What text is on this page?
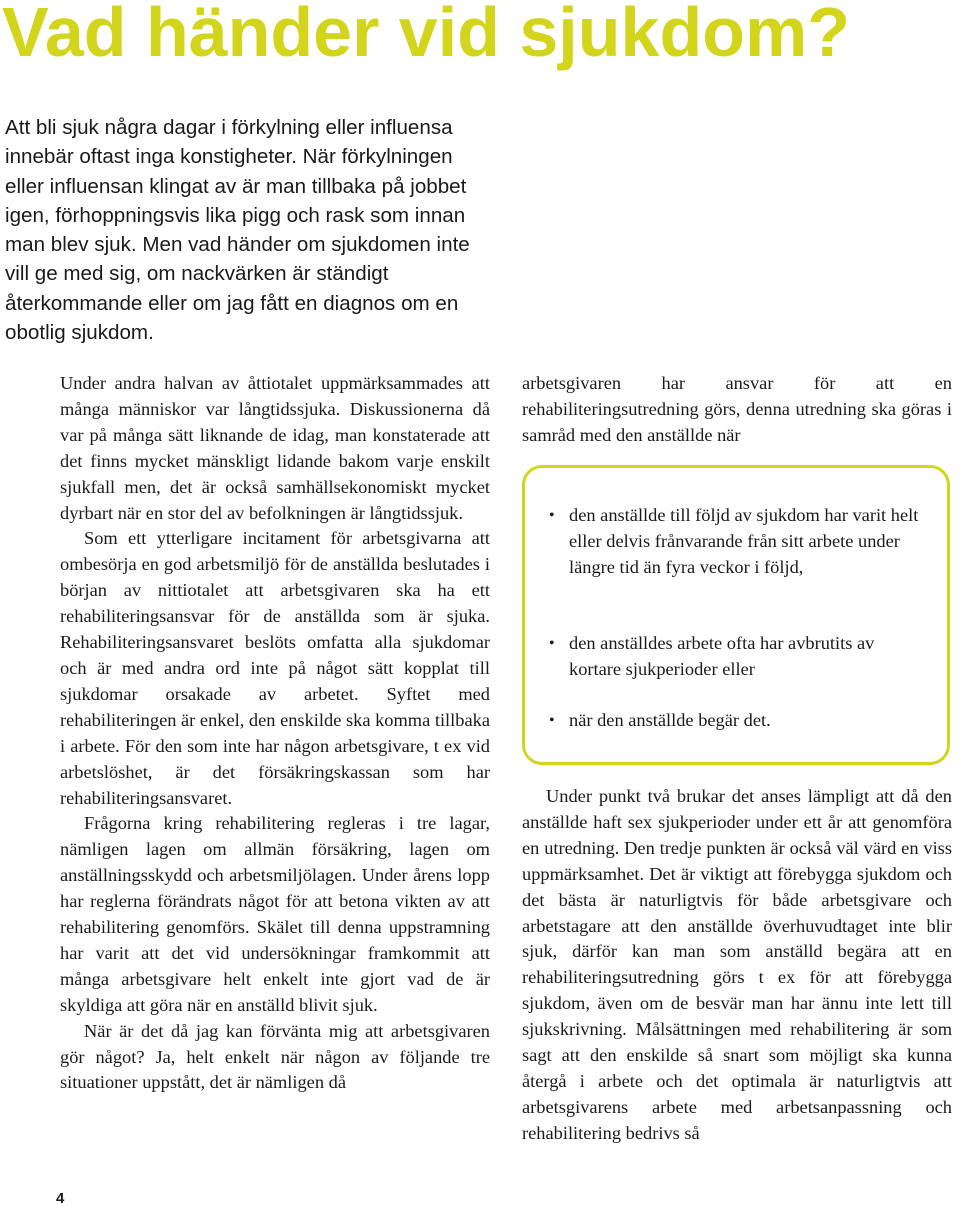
Vad händer vid sjukdom?

Att bli sjuk några dagar i förkylning eller influensa innebär oftast inga konstigheter. När förkylningen eller influensan klingat av är man tillbaka på jobbet igen, förhoppningsvis lika pigg och rask som innan man blev sjuk. Men vad händer om sjukdomen inte vill ge med sig, om nackvärken är ständigt återkommande eller om jag fått en diagnos om en obotlig sjukdom.

Under andra halvan av åttiotalet uppmärksammades att många människor var långtidssjuka. Diskussionerna då var på många sätt liknande de idag, man konstaterade att det finns mycket mänskligt lidande bakom varje enskilt sjukfall men, det är också samhällsekonomiskt mycket dyrbart när en stor del av befolkningen är långtidssjuk.

Som ett ytterligare incitament för arbetsgivarna att ombesörja en god arbetsmiljö för de anställda beslutades i början av nittiotalet att arbetsgivaren ska ha ett rehabiliteringsansvar för de anställda som är sjuka. Rehabiliteringsansvaret beslöts omfatta alla sjukdomar och är med andra ord inte på något sätt kopplat till sjukdomar orsakade av arbetet. Syftet med rehabiliteringen är enkel, den enskilde ska komma tillbaka i arbete. För den som inte har någon arbetsgivare, t ex vid arbetslöshet, är det försäkringskassan som har rehabiliteringsansvaret.

Frågorna kring rehabilitering regleras i tre lagar, nämligen lagen om allmän försäkring, lagen om anställningsskydd och arbetsmiljölagen. Under årens lopp har reglerna förändrats något för att betona vikten av att rehabilitering genomförs. Skälet till denna uppstramning har varit att det vid undersökningar framkommit att många arbetsgivare helt enkelt inte gjort vad de är skyldiga att göra när en anställd blivit sjuk.

När är det då jag kan förvänta mig att arbetsgivaren gör något? Ja, helt enkelt när någon av följande tre situationer uppstått, det är nämligen då

arbetsgivaren har ansvar för att en rehabiliteringsutredning görs, denna utredning ska göras i samråd med den anställde när

• den anställde till följd av sjukdom har varit helt eller delvis frånvarande från sitt arbete under längre tid än fyra veckor i följd,
• den anställdes arbete ofta har avbrutits av kortare sjukperioder eller
• när den anställde begär det.

Under punkt två brukar det anses lämpligt att då den anställde haft sex sjukperioder under ett år att genomföra en utredning. Den tredje punkten är också väl värd en viss uppmärksamhet. Det är viktigt att förebygga sjukdom och det bästa är naturligtvis för både arbetsgivare och arbetstagare att den anställde överhuvudtaget inte blir sjuk, därför kan man som anställd begära att en rehabiliteringsutredning görs t ex för att förebygga sjukdom, även om de besvär man har ännu inte lett till sjukskrivning. Målsättningen med rehabilitering är som sagt att den enskilde så snart som möjligt ska kunna återgå i arbete och det optimala är naturligtvis att arbetsgivarens arbete med arbetsanpassning och rehabilitering bedrivs så

4
